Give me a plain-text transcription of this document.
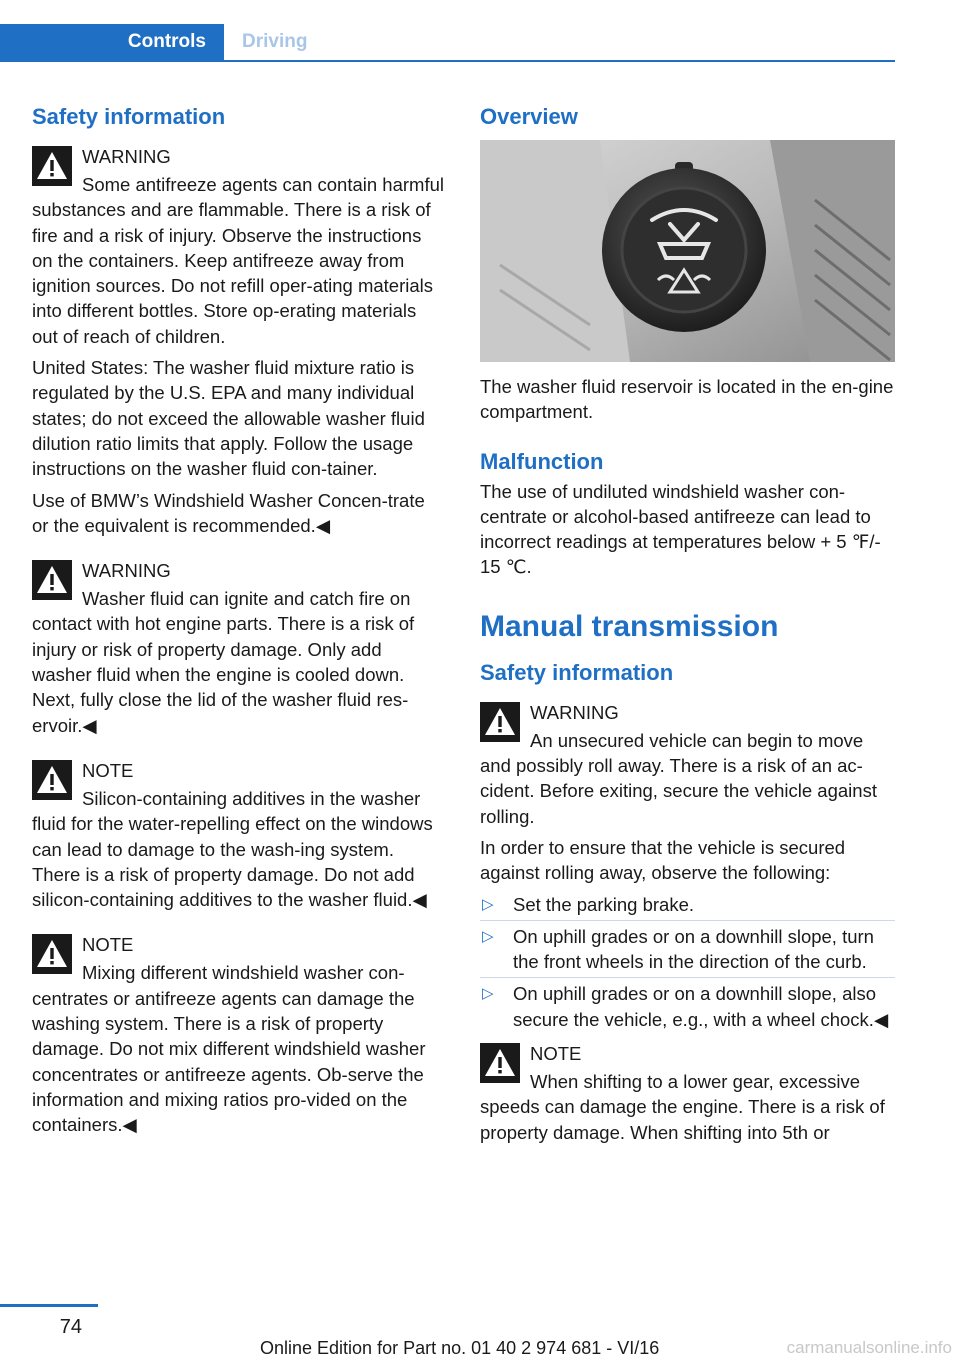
Controls	Driving
Safety information
WARNING

Some antifreeze agents can contain harmful substances and are flammable. There is a risk of fire and a risk of injury. Observe the instructions on the containers. Keep antifreeze away from ignition sources. Do not refill oper‐ating materials into different bottles. Store op‐erating materials out of reach of children.

United States: The washer fluid mixture ratio is regulated by the U.S. EPA and many individual states; do not exceed the allowable washer fluid dilution ratio limits that apply. Follow the usage instructions on the washer fluid con‐tainer.

Use of BMW’s Windshield Washer Concen‐trate or the equivalent is recommended.◀

WARNING

Washer fluid can ignite and catch fire on contact with hot engine parts. There is a risk of injury or risk of property damage. Only add washer fluid when the engine is cooled down. Next, fully close the lid of the washer fluid res‐ervoir.◀

NOTE

Silicon-containing additives in the washer fluid for the water-repelling effect on the windows can lead to damage to the wash‐ing system. There is a risk of property damage. Do not add silicon-containing additives to the washer fluid.◀

NOTE

Mixing different windshield washer con‐centrates or antifreeze agents can damage the washing system. There is a risk of property damage. Do not mix different windshield washer concentrates or antifreeze agents. Ob‐serve the information and mixing ratios pro‐vided on the containers.◀

Overview

The washer fluid reservoir is located in the en‐gine compartment.

Malfunction

The use of undiluted windshield washer con‐centrate or alcohol-based antifreeze can lead to incorrect readings at temperatures below + 5 ℉/- 15 ℃.

Manual transmission
Safety information
WARNING

An unsecured vehicle can begin to move and possibly roll away. There is a risk of an ac‐cident. Before exiting, secure the vehicle against rolling.

In order to ensure that the vehicle is secured against rolling away, observe the following:

▷ Set the parking brake.
▷ On uphill grades or on a downhill slope, turn the front wheels in the direction of the curb.
▷ On uphill grades or on a downhill slope, also secure the vehicle, e.g., with a wheel chock.◀
NOTE

When shifting to a lower gear, excessive speeds can damage the engine. There is a risk of property damage. When shifting into 5th or

74
Online Edition for Part no. 01 40 2 974 681 - VI/16	carmanualsonline.info
